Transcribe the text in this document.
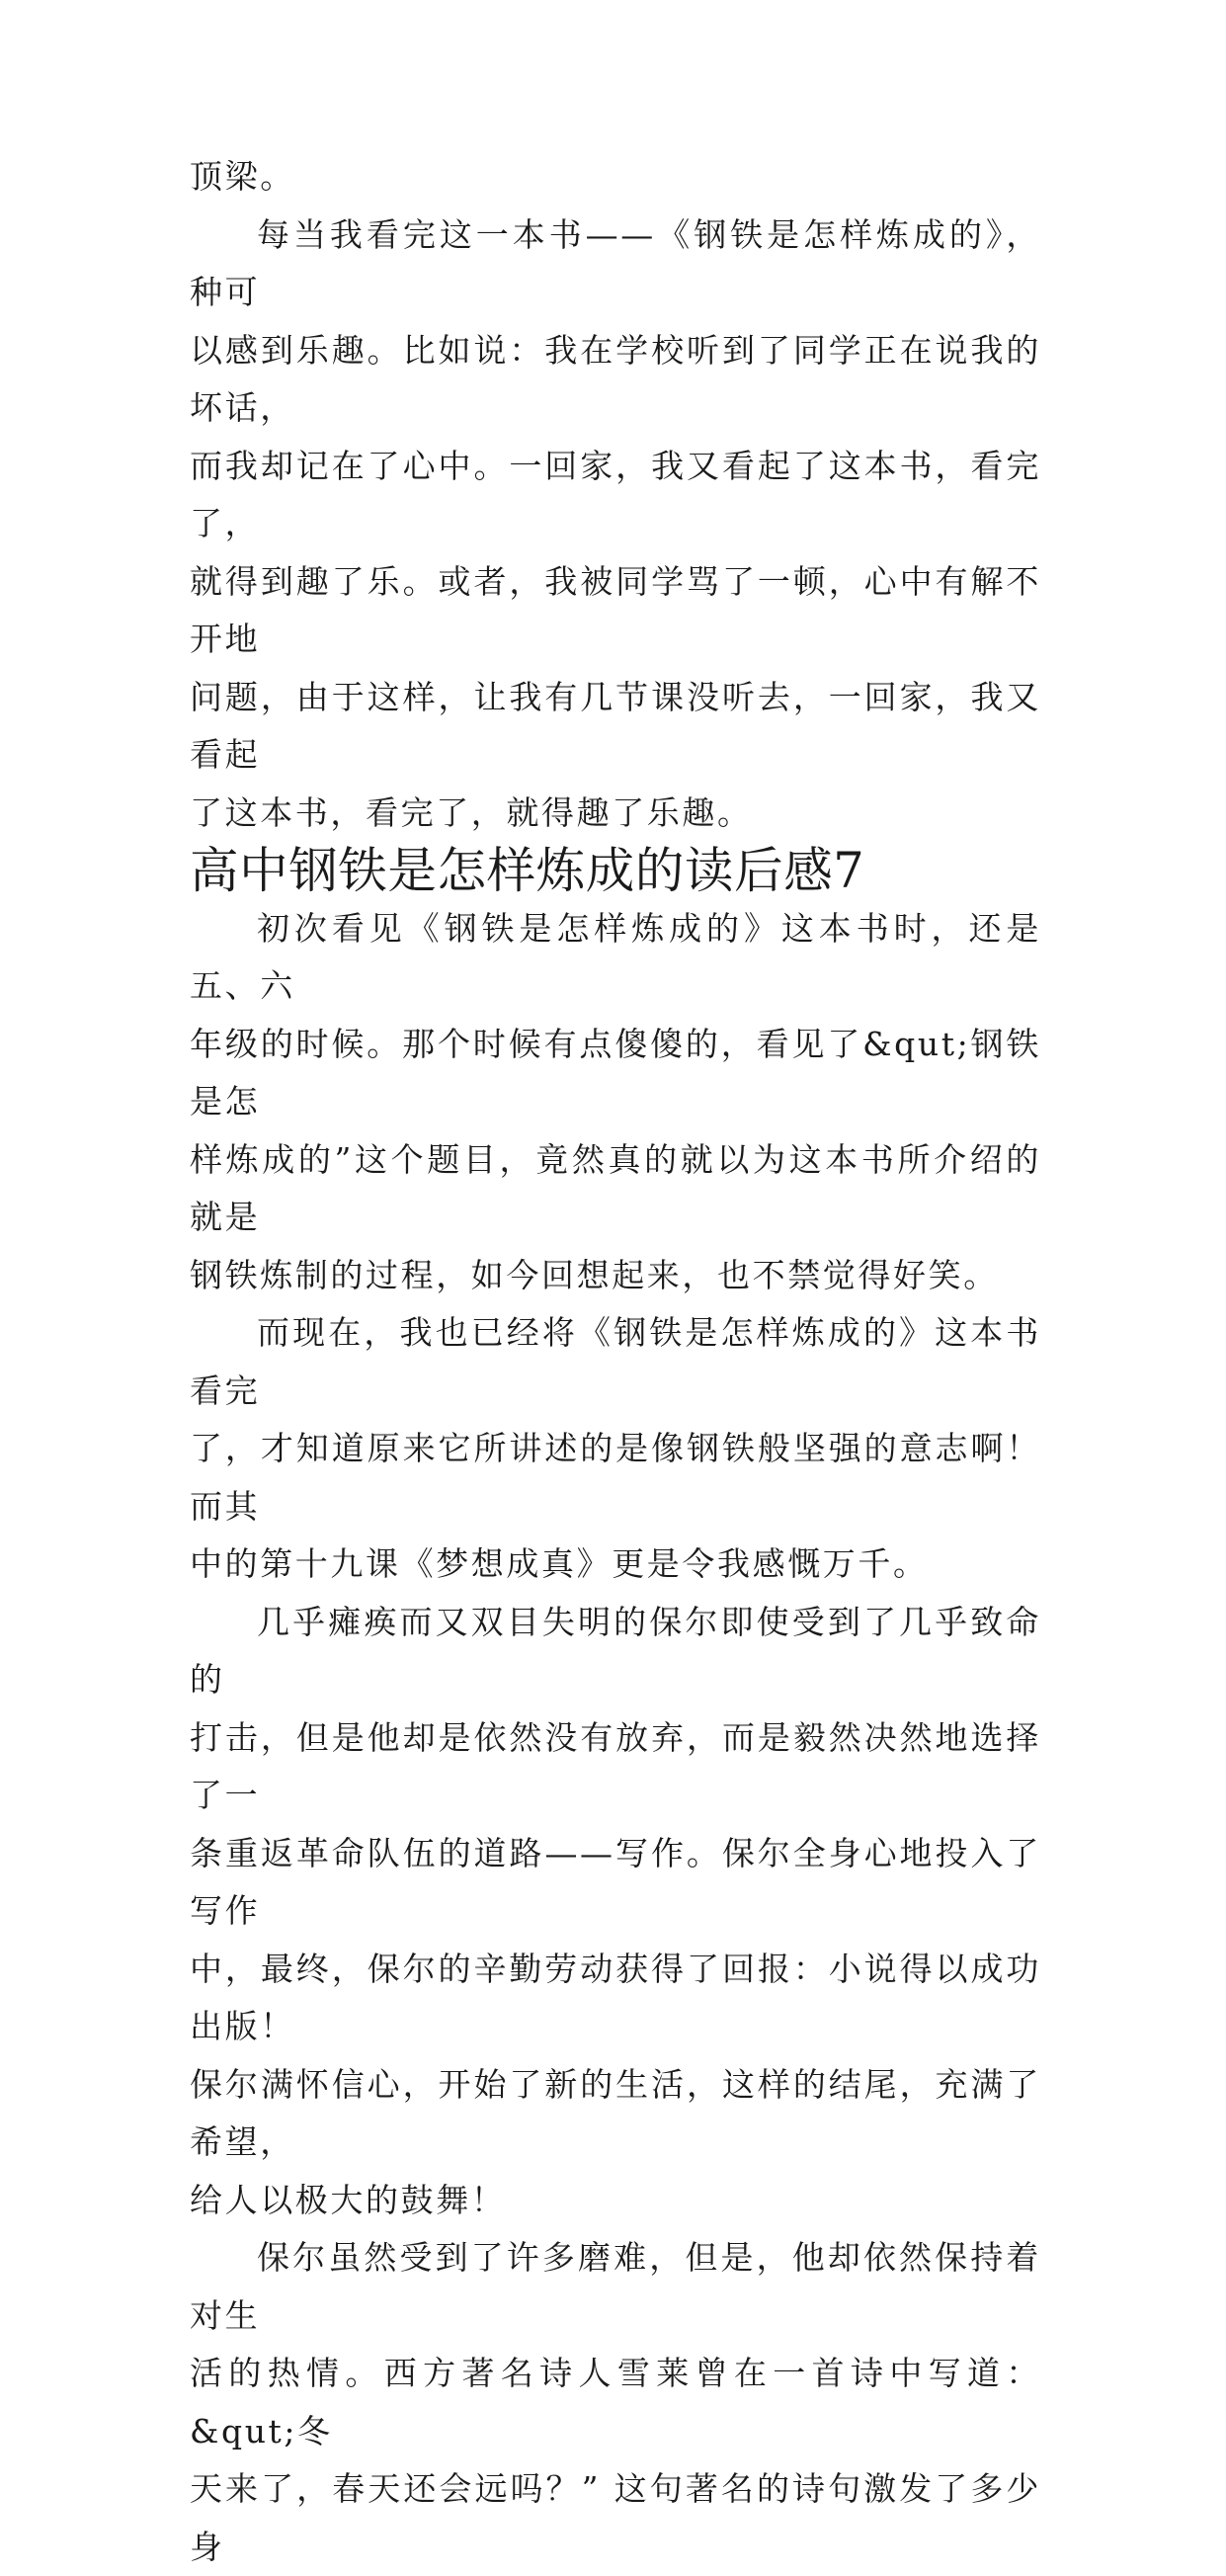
顶梁。

每当我看完这一本书——《钢铁是怎样炼成的》，种可
以感到乐趣。比如说：我在学校听到了同学正在说我的坏话，
而我却记在了心中。一回家，我又看起了这本书，看完了，
就得到趣了乐。或者，我被同学骂了一顿，心中有解不开地
问题，由于这样，让我有几节课没听去，一回家，我又看起
了这本书，看完了，就得趣了乐趣。

高中钢铁是怎样炼成的读后感7

初次看见《钢铁是怎样炼成的》这本书时，还是五、六
年级的时候。那个时候有点傻傻的，看见了&qut;钢铁是怎
样炼成的”这个题目，竟然真的就以为这本书所介绍的就是
钢铁炼制的过程，如今回想起来，也不禁觉得好笑。

而现在，我也已经将《钢铁是怎样炼成的》这本书看完
了，才知道原来它所讲述的是像钢铁般坚强的意志啊！而其
中的第十九课《梦想成真》更是令我感慨万千。

几乎瘫痪而又双目失明的保尔即使受到了几乎致命的
打击，但是他却是依然没有放弃，而是毅然决然地选择了一
条重返革命队伍的道路——写作。保尔全身心地投入了写作
中，最终，保尔的辛勤劳动获得了回报：小说得以成功出版！
保尔满怀信心，开始了新的生活，这样的结尾，充满了希望，
给人以极大的鼓舞！

保尔虽然受到了许多磨难，但是，他却依然保持着对生
活的热情。西方著名诗人雪莱曾在一首诗中写道：&qut;冬
天来了，春天还会远吗？” 这句著名的诗句激发了多少身
